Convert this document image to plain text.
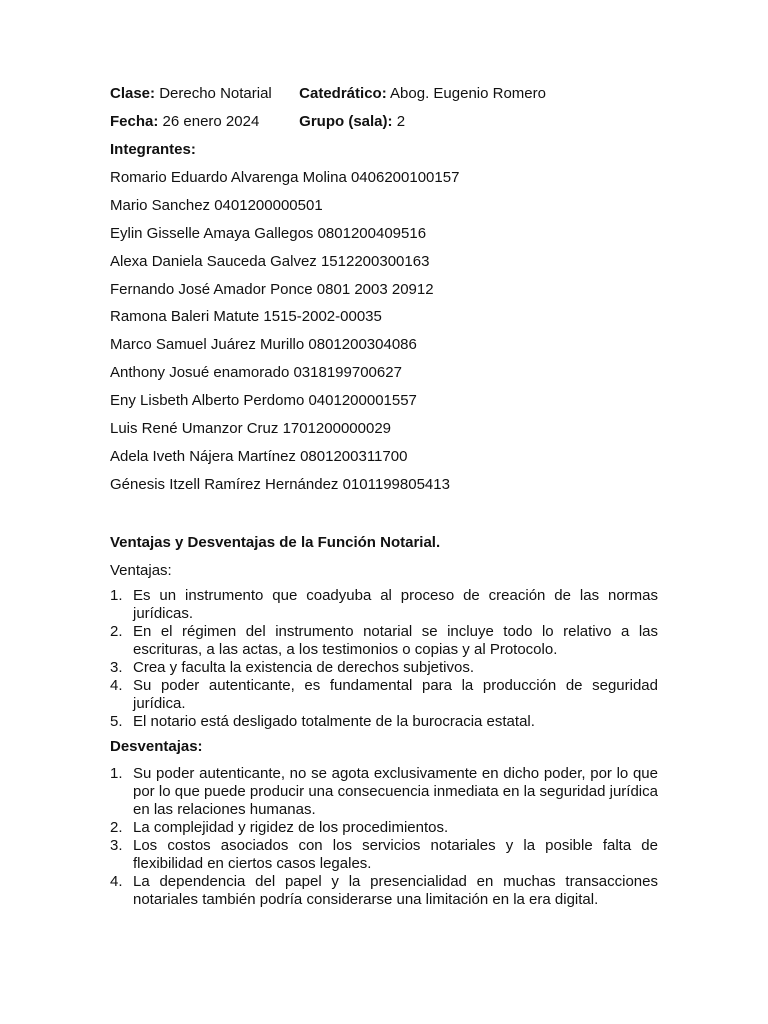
Clase: Derecho Notarial Catedrático: Abog. Eugenio Romero
Fecha: 26 enero 2024	Grupo (sala): 2
Integrantes:
Romario Eduardo Alvarenga Molina 0406200100157
Mario Sanchez 0401200000501
Eylin Gisselle Amaya Gallegos 0801200409516
Alexa Daniela Sauceda Galvez 1512200300163
Fernando José Amador Ponce 0801 2003 20912
Ramona Baleri Matute 1515-2002-00035
Marco Samuel Juárez Murillo 0801200304086
Anthony Josué enamorado 0318199700627
Eny Lisbeth Alberto Perdomo 0401200001557
Luis René Umanzor Cruz 1701200000029
Adela Iveth Nájera Martínez 0801200311700
Génesis Itzell Ramírez Hernández 0101199805413
Ventajas y Desventajas de la Función Notarial.
Ventajas:
1. Es un instrumento que coadyuba al proceso de creación de las normas jurídicas.
2. En el régimen del instrumento notarial se incluye todo lo relativo a las escrituras, a las actas, a los testimonios o copias y al Protocolo.
3. Crea y faculta la existencia de derechos subjetivos.
4. Su poder autenticante, es fundamental para la producción de seguridad jurídica.
5. El notario está desligado totalmente de la burocracia estatal.
Desventajas:
1. Su poder autenticante, no se agota exclusivamente en dicho poder, por lo que por lo que puede producir una consecuencia inmediata en la seguridad jurídica en las relaciones humanas.
2. La complejidad y rigidez de los procedimientos.
3. Los costos asociados con los servicios notariales y la posible falta de flexibilidad en ciertos casos legales.
4. La dependencia del papel y la presencialidad en muchas transacciones notariales también podría considerarse una limitación en la era digital.
